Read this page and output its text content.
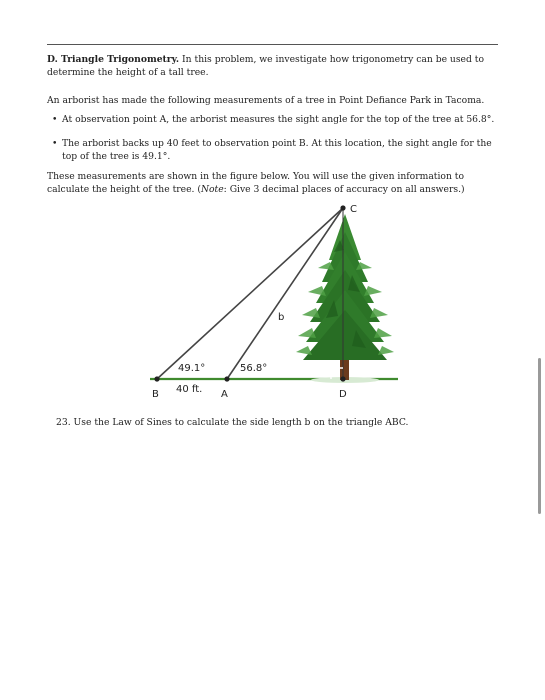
D. Triangle Trigonometry. In this problem, we investigate how trigonometry can be used to determine the height of a tall tree.
An arborist has made the following measurements of a tree in Point Defiance Park in Tacoma.
• At observation point A, the arborist measures the sight angle for the top of the tree at 56.8°.
• The arborist backs up 40 feet to observation point B. At this location, the sight angle for the top of the tree is 49.1°.
These measurements are shown in the figure below. You will use the given information to calculate the height of the tree. (Note: Give 3 decimal places of accuracy on all answers.)
C
B	A	D
b
49.1°	56.8°
40 ft.
23. Use the Law of Sines to calculate the side length b on the triangle ABC.
